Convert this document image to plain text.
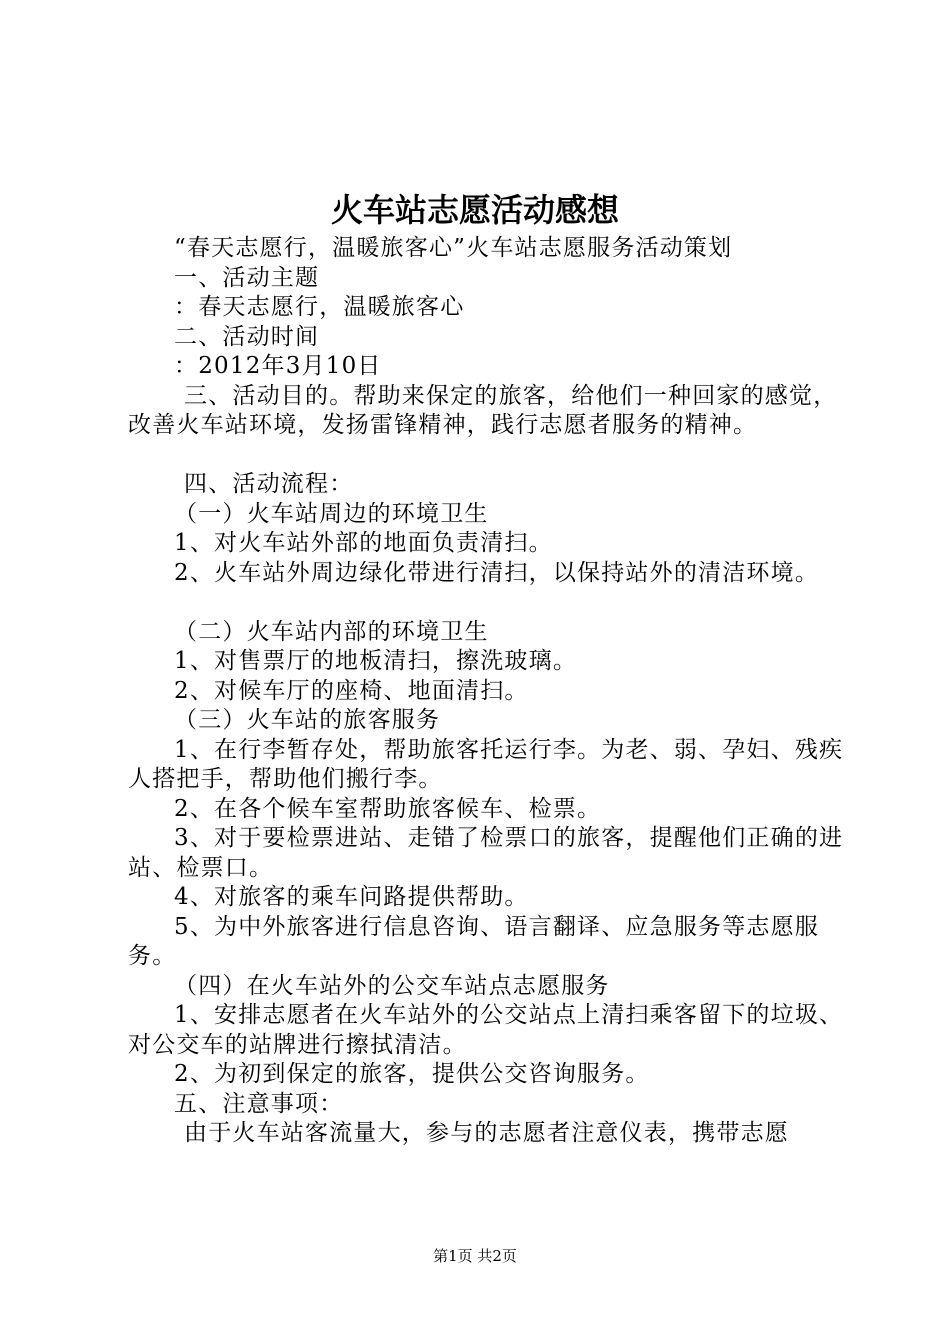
火车站志愿活动感想

“春天志愿行，温暖旅客心”火车站志愿服务活动策划

一、活动主题

：春天志愿行，温暖旅客心

二、活动时间

：2012年3月10日

三、活动目的。帮助来保定的旅客，给他们一种回家的感觉，改善火车站环境，发扬雷锋精神，践行志愿者服务的精神。

四、活动流程：

（一）火车站周边的环境卫生

1、对火车站外部的地面负责清扫。

2、火车站外周边绿化带进行清扫，以保持站外的清洁环境。

（二）火车站内部的环境卫生

1、对售票厅的地板清扫，擦洗玻璃。

2、对候车厅的座椅、地面清扫。

（三）火车站的旅客服务

1、在行李暂存处，帮助旅客托运行李。为老、弱、孕妇、残疾人搭把手，帮助他们搬行李。

2、在各个候车室帮助旅客候车、检票。

3、对于要检票进站、走错了检票口的旅客，提醒他们正确的进站、检票口。

4、对旅客的乘车问路提供帮助。

5、为中外旅客进行信息咨询、语言翻译、应急服务等志愿服务。

（四）在火车站外的公交车站点志愿服务

1、安排志愿者在火车站外的公交站点上清扫乘客留下的垃圾、对公交车的站牌进行擦拭清洁。

2、为初到保定的旅客，提供公交咨询服务。

五、注意事项：

由于火车站客流量大，参与的志愿者注意仪表，携带志愿

第1页 共2页
